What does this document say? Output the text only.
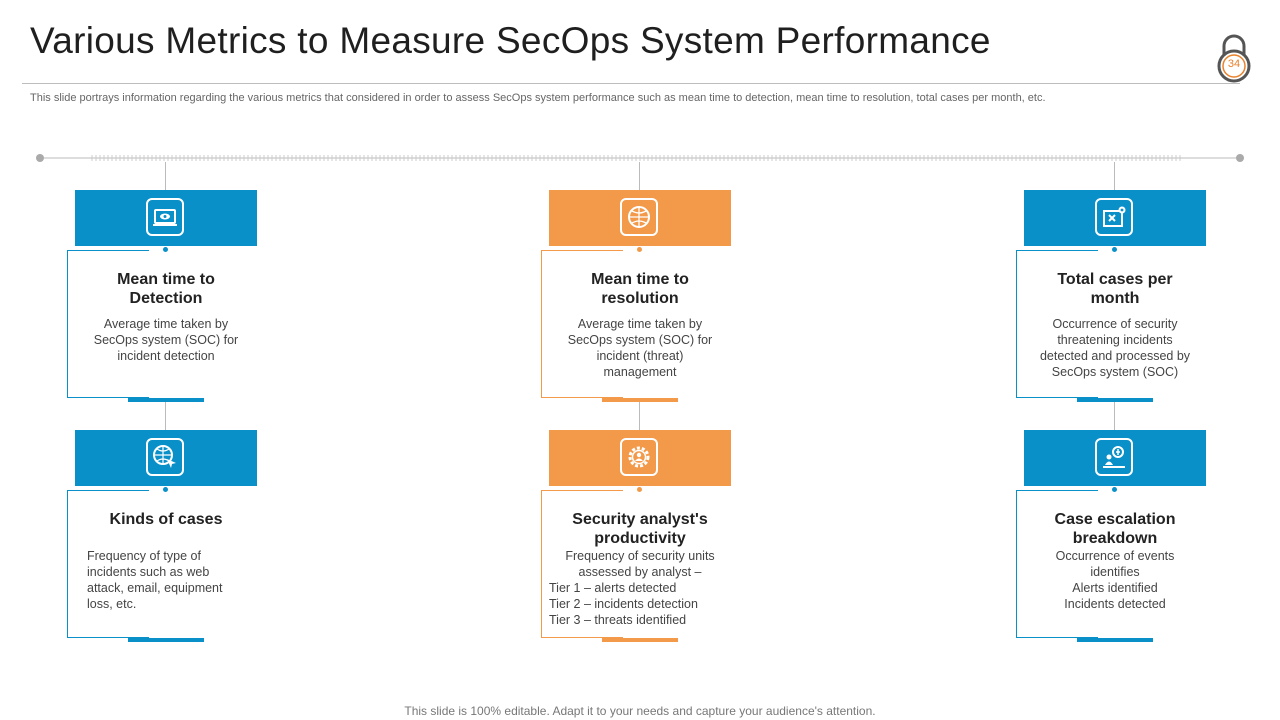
Various Metrics to Measure SecOps System Performance
34
This slide portrays information regarding the various metrics that considered in order to assess SecOps system performance such as mean time to detection, mean time to resolution, total cases per month, etc.
Mean time to Detection
Average time taken by SecOps system (SOC) for incident detection
Mean time to resolution
Average time taken by SecOps system (SOC) for incident (threat) management
Total cases per month
Occurrence of security threatening incidents detected and processed by SecOps system (SOC)
Kinds of cases
Frequency of type of incidents such as web attack, email, equipment loss, etc.
Security analyst's productivity
Frequency of security units assessed by analyst –
Tier 1 – alerts detected
Tier 2 – incidents detection
Tier 3 – threats identified
Case escalation breakdown
Occurrence of events identifies
Alerts identified
Incidents detected
This slide is 100% editable. Adapt it to your needs and capture your audience's attention.
